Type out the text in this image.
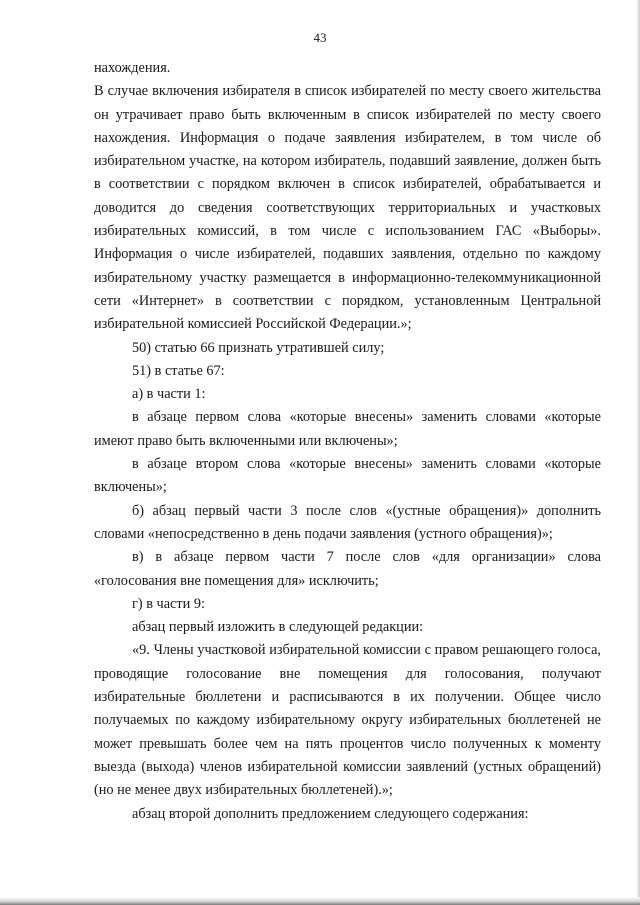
43

нахождения.

В случае включения избирателя в список избирателей по месту своего жительства он утрачивает право быть включенным в список избирателей по месту своего нахождения. Информация о подаче заявления избирателем, в том числе об избирательном участке, на котором избиратель, подавший заявление, должен быть в соответствии с порядком включен в список избирателей, обрабатывается и доводится до сведения соответствующих территориальных и участковых избирательных комиссий, в том числе с использованием ГАС «Выборы». Информация о числе избирателей, подавших заявления, отдельно по каждому избирательному участку размещается в информационно-телекоммуникационной сети «Интернет» в соответствии с порядком, установленным Центральной избирательной комиссией Российской Федерации.»;

50) статью 66 признать утратившей силу;

51) в статье 67:

а) в части 1:

в абзаце первом слова «которые внесены» заменить словами «которые имеют право быть включенными или включены»;

в абзаце втором слова «которые внесены» заменить словами «которые включены»;

б) абзац первый части 3 после слов «(устные обращения)» дополнить словами «непосредственно в день подачи заявления (устного обращения)»;

в) в абзаце первом части 7 после слов «для организации» слова «голосования вне помещения для» исключить;

г) в части 9:

абзац первый изложить в следующей редакции:

«9. Члены участковой избирательной комиссии с правом решающего голоса, проводящие голосование вне помещения для голосования, получают избирательные бюллетени и расписываются в их получении. Общее число получаемых по каждому избирательному округу избирательных бюллетеней не может превышать более чем на пять процентов число полученных к моменту выезда (выхода) членов избирательной комиссии заявлений (устных обращений) (но не менее двух избирательных бюллетеней).»;

абзац второй дополнить предложением следующего содержания:
